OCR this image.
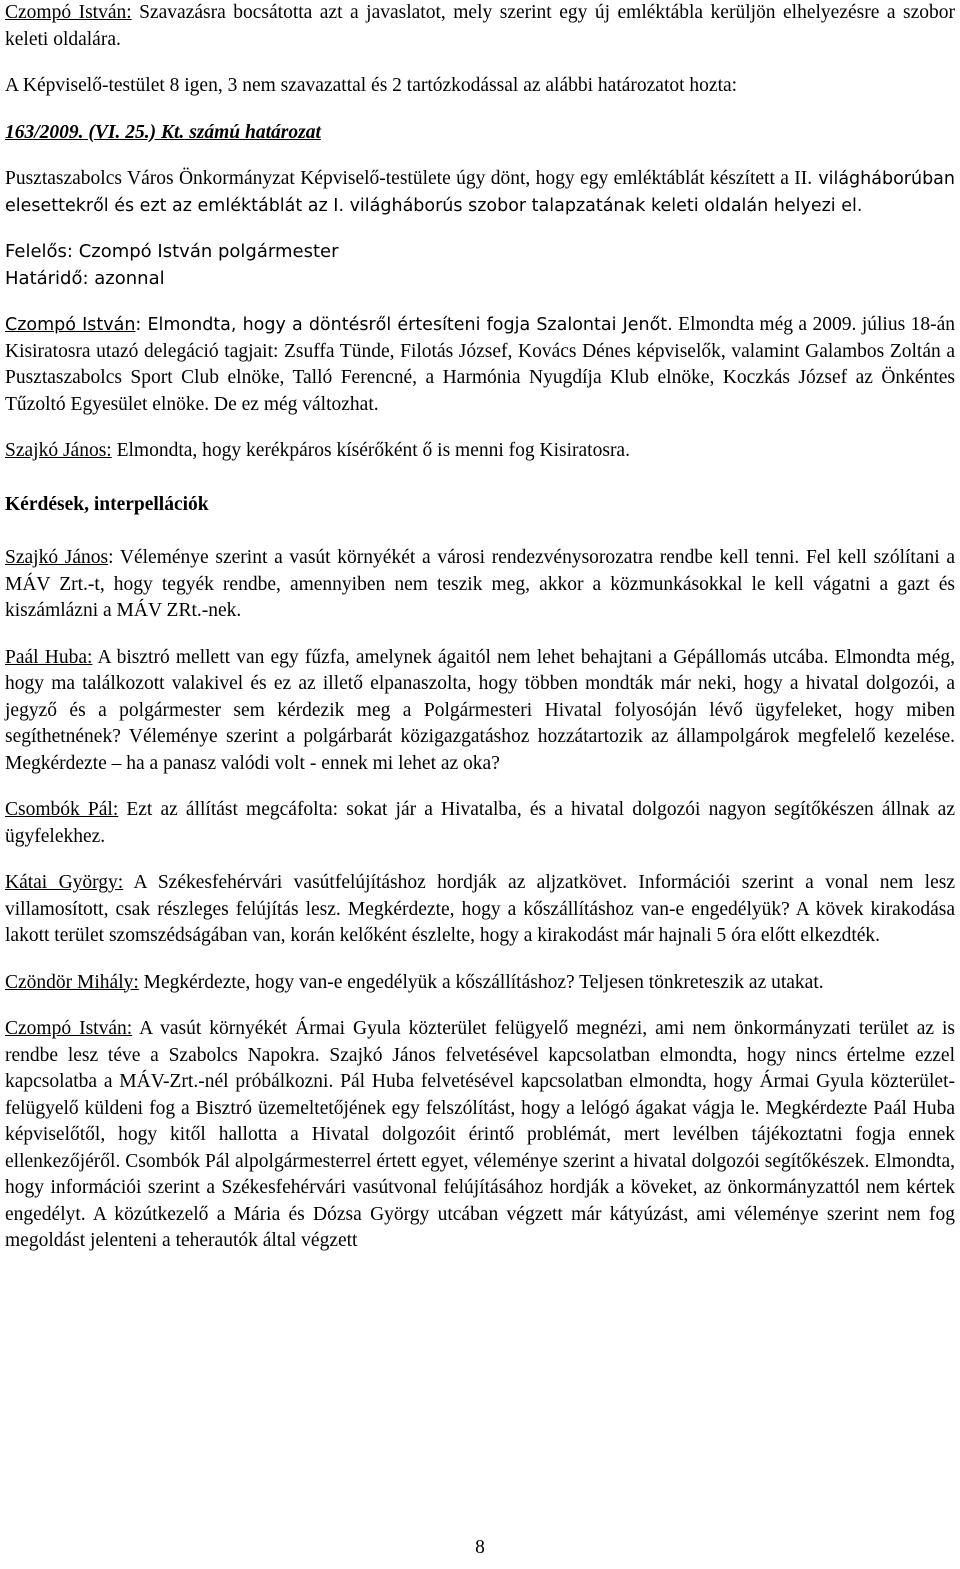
Czompó István: Szavazásra bocsátotta azt a javaslatot, mely szerint egy új emléktábla kerüljön elhelyezésre a szobor keleti oldalára.

A Képviselő-testület 8 igen, 3 nem szavazattal és 2 tartózkodással az alábbi határozatot hozta:

163/2009. (VI. 25.) Kt. számú határozat

Pusztaszabolcs Város Önkormányzat Képviselő-testülete úgy dönt, hogy egy emléktáblát készített a II. világháborúban elesettekről és ezt az emléktáblát az I. világháborús szobor talapzatának keleti oldalán helyezi el.

Felelős: Czompó István polgármester

Határidő: azonnal

Czompó István: Elmondta, hogy a döntésről értesíteni fogja Szalontai Jenőt. Elmondta még a 2009. július 18-án Kisiratosra utazó delegáció tagjait: Zsuffa Tünde, Filotás József, Kovács Dénes képviselők, valamint Galambos Zoltán a Pusztaszabolcs Sport Club elnöke, Talló Ferencné, a Harmónia Nyugdíja Klub elnöke, Koczkás József az Önkéntes Tűzoltó Egyesület elnöke. De ez még változhat.

Szajkó János: Elmondta, hogy kerékpáros kísérőként ő is menni fog Kisiratosra.

Kérdések, interpellációk

Szajkó János: Véleménye szerint a vasút környékét a városi rendezvénysorozatra rendbe kell tenni. Fel kell szólítani a MÁV Zrt.-t, hogy tegyék rendbe, amennyiben nem teszik meg, akkor a közmunkásokkal le kell vágatni a gazt és kiszámlázni a MÁV ZRt.-nek.

Paál Huba: A bisztró mellett van egy fűzfa, amelynek ágaitól nem lehet behajtani a Gépállomás utcába. Elmondta még, hogy ma találkozott valakivel és ez az illető elpanaszolta, hogy többen mondták már neki, hogy a hivatal dolgozói, a jegyző és a polgármester sem kérdezik meg a Polgármesteri Hivatal folyosóján lévő ügyfeleket, hogy miben segíthetnének? Véleménye szerint a polgárbarát közigazgatáshoz hozzátartozik az állampolgárok megfelelő kezelése. Megkérdezte – ha a panasz valódi volt - ennek mi lehet az oka?

Csombók Pál: Ezt az állítást megcáfolta: sokat jár a Hivatalba, és a hivatal dolgozói nagyon segítőkészen állnak az ügyfelekhez.

Kátai György: A Székesfehérvári vasútfelújításhoz hordják az aljzatkövet. Információi szerint a vonal nem lesz villamosított, csak részleges felújítás lesz. Megkérdezte, hogy a kőszállításhoz van-e engedélyük? A kövek kirakodása lakott terület szomszédságában van, korán kelőként észlelte, hogy a kirakodást már hajnali 5 óra előtt elkezdték.

Czöndör Mihály: Megkérdezte, hogy van-e engedélyük a kőszállításhoz? Teljesen tönkreteszik az utakat.

Czompó István: A vasút környékét Ármai Gyula közterület felügyelő megnézi, ami nem önkormányzati terület az is rendbe lesz téve a Szabolcs Napokra. Szajkó János felvetésével kapcsolatban elmondta, hogy nincs értelme ezzel kapcsolatba a MÁV-Zrt.-nél próbálkozni. Pál Huba felvetésével kapcsolatban elmondta, hogy Ármai Gyula közterület-felügyelő küldeni fog a Bisztró üzemeltetőjének egy felszólítást, hogy a lelógó ágakat vágja le. Megkérdezte Paál Huba képviselőtől, hogy kitől hallotta a Hivatal dolgozóit érintő problémát, mert levélben tájékoztatni fogja ennek ellenkezőjéről. Csombók Pál alpolgármesterrel értett egyet, véleménye szerint a hivatal dolgozói segítőkészek. Elmondta, hogy információi szerint a Székesfehérvári vasútvonal felújításához hordják a köveket, az önkormányzattól nem kértek engedélyt. A közútkezelő a Mária és Dózsa György utcában végzett már kátyúzást, ami véleménye szerint nem fog megoldást jelenteni a teherautók által végzett

8
